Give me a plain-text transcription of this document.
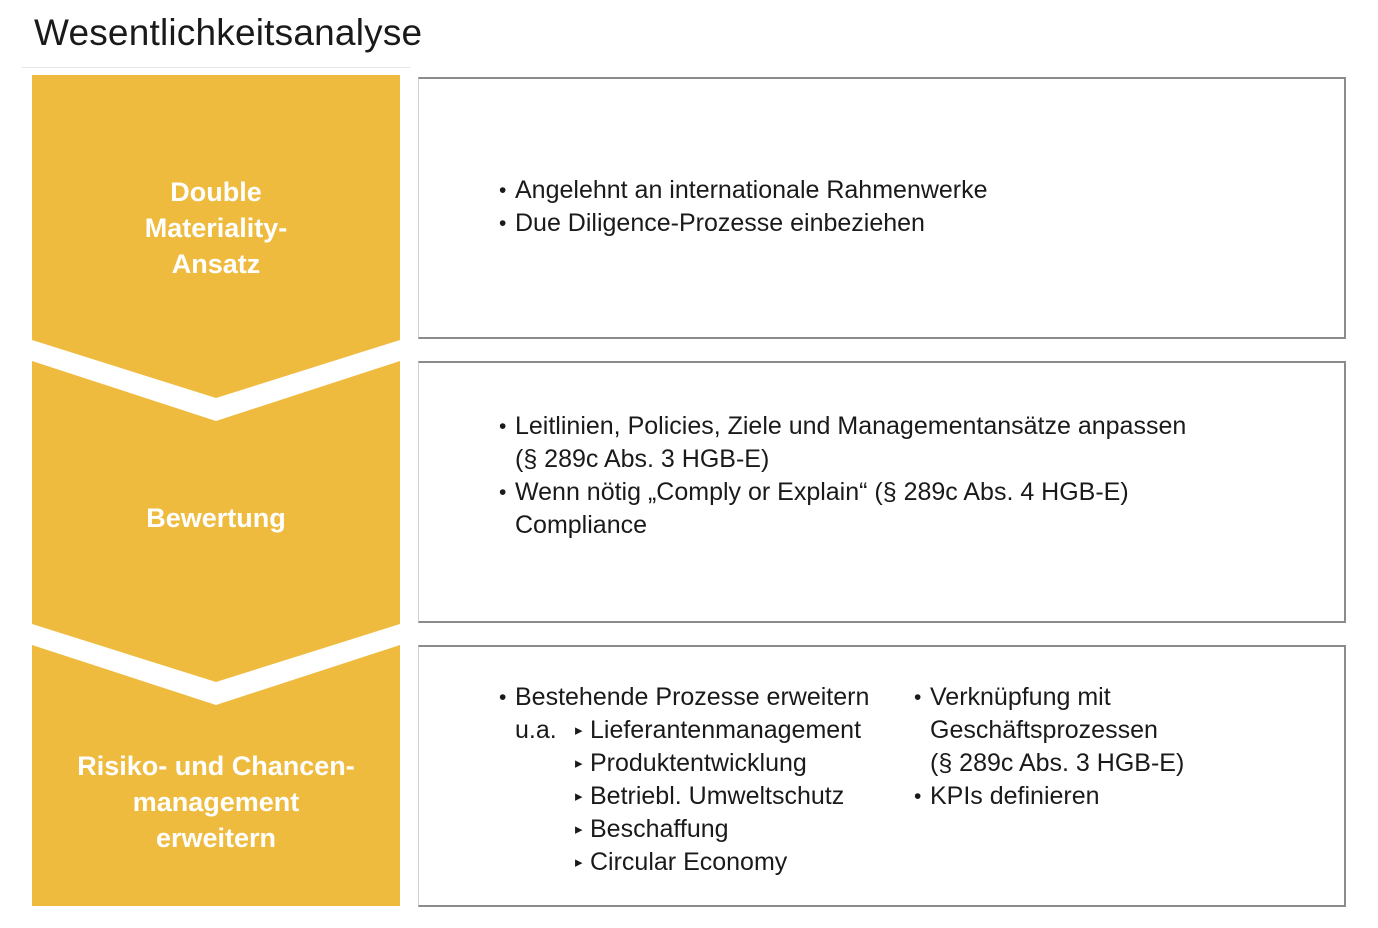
Wesentlichkeitsanalyse
Double
Materiality-
Ansatz
Bewertung
Risiko- und Chancen-
management
erweitern
• Angelehnt an internationale Rahmenwerke
• Due Diligence-Prozesse einbeziehen
• Leitlinien, Policies, Ziele und Managementansätze anpassen
(§ 289c Abs. 3 HGB-E)
• Wenn nötig „Comply or Explain“ (§ 289c Abs. 4 HGB-E)
Compliance
• Bestehende Prozesse erweitern
u.a.
▸	Lieferantenmanagement
▸ Produktentwicklung
▸ Betriebl. Umweltschutz
▸ Beschaffung
▸ Circular Economy
• Verknüpfung mit
Geschäftsprozessen
(§ 289c Abs. 3 HGB-E)
• KPIs definieren
